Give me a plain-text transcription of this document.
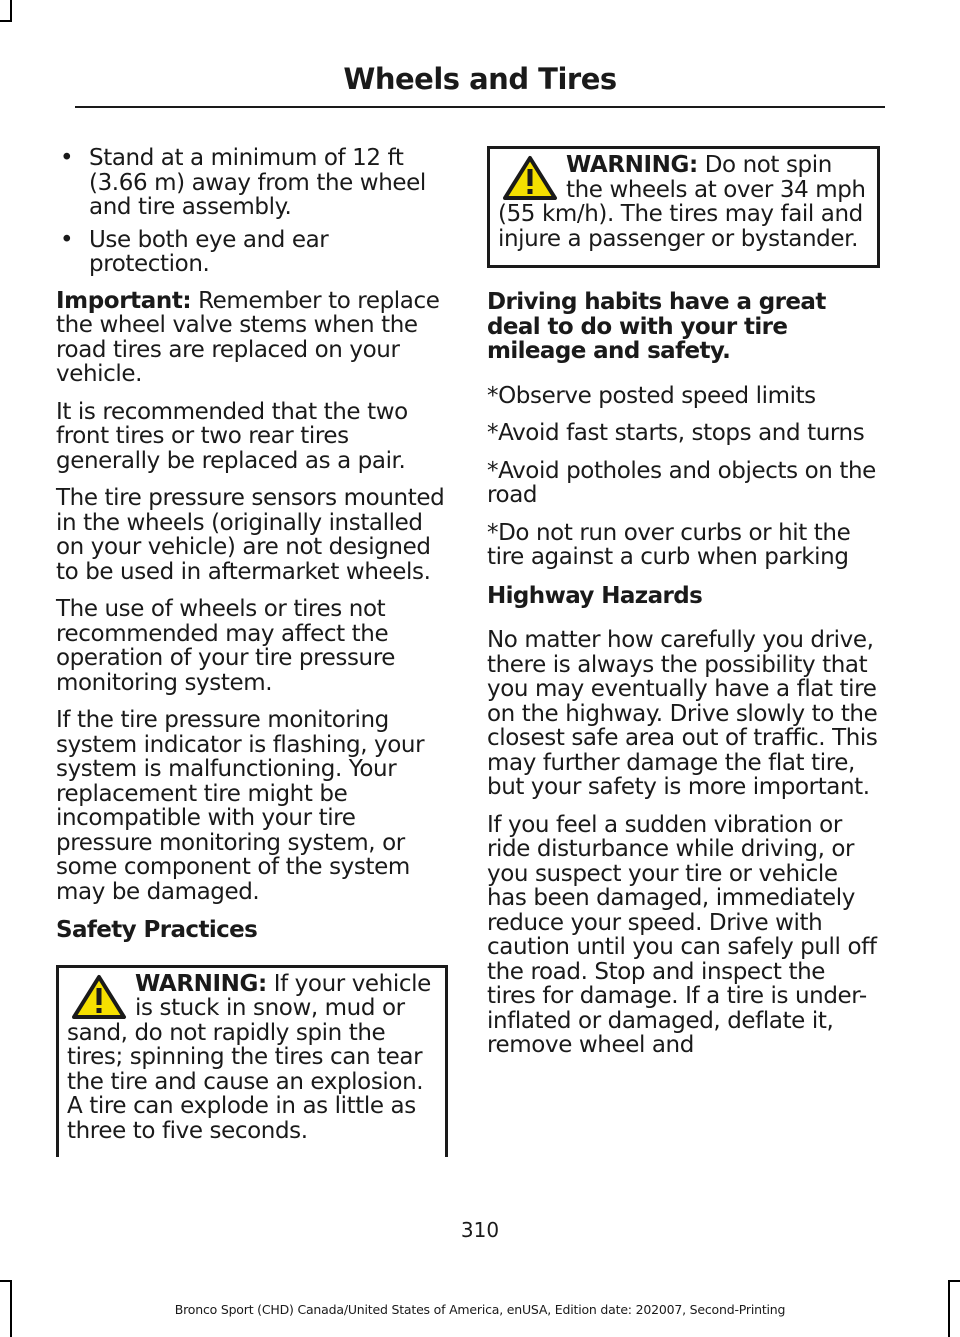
Wheels and Tires
• Stand at a minimum of 12 ft (3.66 m) away from the wheel and tire assembly.
• Use both eye and ear protection.

Important: Remember to replace the wheel valve stems when the road tires are replaced on your vehicle.

It is recommended that the two front tires or two rear tires generally be replaced as a pair.

The tire pressure sensors mounted in the wheels (originally installed on your vehicle) are not designed to be used in aftermarket wheels.

The use of wheels or tires not recommended may affect the operation of your tire pressure monitoring system.

If the tire pressure monitoring system indicator is flashing, your system is malfunctioning. Your replacement tire might be incompatible with your tire pressure monitoring system, or some component of the system may be damaged.

Safety Practices

WARNING: If your vehicle is stuck in snow, mud or sand, do not rapidly spin the tires; spinning the tires can tear the tire and cause an explosion. A tire can explode in as little as three to five seconds.

WARNING: Do not spin the wheels at over 34 mph (55 km/h). The tires may fail and injure a passenger or bystander.

Driving habits have a great deal to do with your tire mileage and safety.

*Observe posted speed limits

*Avoid fast starts, stops and turns

*Avoid potholes and objects on the road

*Do not run over curbs or hit the tire against a curb when parking

Highway Hazards

No matter how carefully you drive, there is always the possibility that you may eventually have a flat tire on the highway. Drive slowly to the closest safe area out of traffic. This may further damage the flat tire, but your safety is more important.

If you feel a sudden vibration or ride disturbance while driving, or you suspect your tire or vehicle has been damaged, immediately reduce your speed. Drive with caution until you can safely pull off the road. Stop and inspect the tires for damage. If a tire is under-inflated or damaged, deflate it, remove wheel and

310
Bronco Sport (CHD) Canada/United States of America, enUSA, Edition date: 202007, Second-Printing
